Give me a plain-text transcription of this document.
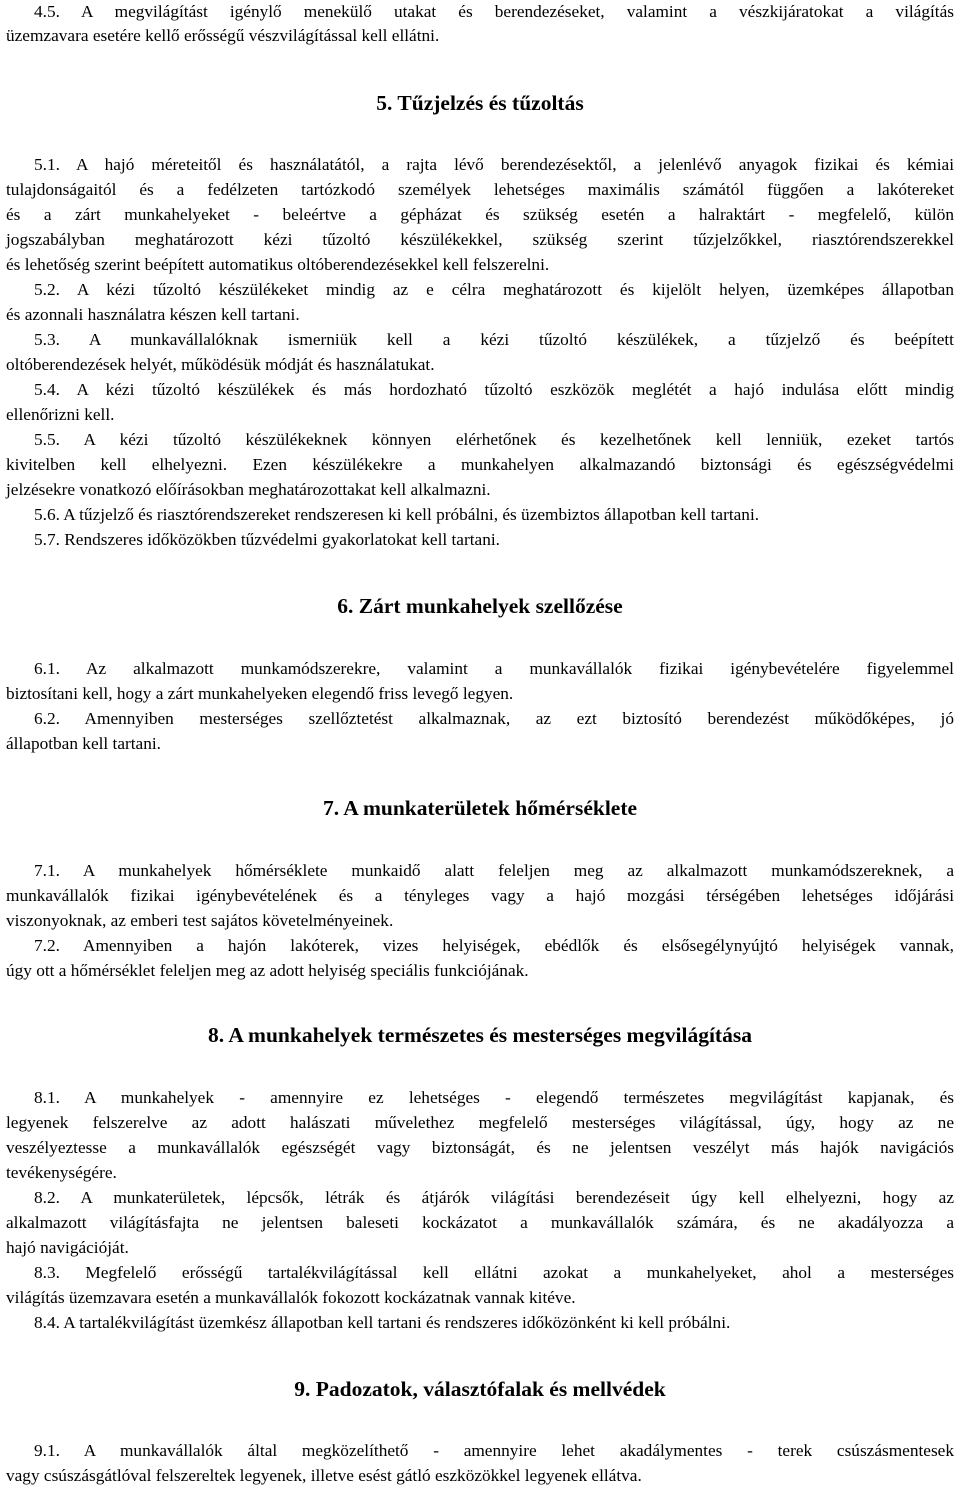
4.5. A megvilágítást igénylő menekülő utakat és berendezéseket, valamint a vészkijáratokat a világítás
üzemzavara esetére kellő erősségű vészvilágítással kell ellátni.
5. Tűzjelzés és tűzoltás
5.1. A hajó méreteitől és használatától, a rajta lévő berendezésektől, a jelenlévő anyagok fizikai és kémiai
tulajdonságaitól és a fedélzeten tartózkodó személyek lehetséges maximális számától függően a lakótereket
és a zárt munkahelyeket - beleértve a gépházat és szükség esetén a halraktárt - megfelelő, külön
jogszabályban meghatározott kézi tűzoltó készülékekkel, szükség szerint tűzjelzőkkel, riasztórendszerekkel
és lehetőség szerint beépített automatikus oltóberendezésekkel kell felszerelni.
5.2. A kézi tűzoltó készülékeket mindig az e célra meghatározott és kijelölt helyen, üzemképes állapotban
és azonnali használatra készen kell tartani.
5.3. A munkavállalóknak ismerniük kell a kézi tűzoltó készülékek, a tűzjelző és beépített
oltóberendezések helyét, működésük módját és használatukat.
5.4. A kézi tűzoltó készülékek és más hordozható tűzoltó eszközök meglétét a hajó indulása előtt mindig
ellenőrizni kell.
5.5. A kézi tűzoltó készülékeknek könnyen elérhetőnek és kezelhetőnek kell lenniük, ezeket tartós
kivitelben kell elhelyezni. Ezen készülékekre a munkahelyen alkalmazandó biztonsági és egészségvédelmi
jelzésekre vonatkozó előírásokban meghatározottakat kell alkalmazni.
5.6. A tűzjelző és riasztórendszereket rendszeresen ki kell próbálni, és üzembiztos állapotban kell tartani.
5.7. Rendszeres időközökben tűzvédelmi gyakorlatokat kell tartani.
6. Zárt munkahelyek szellőzése
6.1. Az alkalmazott munkamódszerekre, valamint a munkavállalók fizikai igénybevételére figyelemmel
biztosítani kell, hogy a zárt munkahelyeken elegendő friss levegő legyen.
6.2. Amennyiben mesterséges szellőztetést alkalmaznak, az ezt biztosító berendezést működőképes, jó
állapotban kell tartani.
7. A munkaterületek hőmérséklete
7.1. A munkahelyek hőmérséklete munkaidő alatt feleljen meg az alkalmazott munkamódszereknek, a
munkavállalók fizikai igénybevételének és a tényleges vagy a hajó mozgási térségében lehetséges időjárási
viszonyoknak, az emberi test sajátos követelményeinek.
7.2. Amennyiben a hajón lakóterek, vizes helyiségek, ebédlők és elsősegélynyújtó helyiségek vannak,
úgy ott a hőmérséklet feleljen meg az adott helyiség speciális funkciójának.
8. A munkahelyek természetes és mesterséges megvilágítása
8.1. A munkahelyek - amennyire ez lehetséges - elegendő természetes megvilágítást kapjanak, és
legyenek felszerelve az adott halászati művelethez megfelelő mesterséges világítással, úgy, hogy az ne
veszélyeztesse a munkavállalók egészségét vagy biztonságát, és ne jelentsen veszélyt más hajók navigációs
tevékenységére.
8.2. A munkaterületek, lépcsők, létrák és átjárók világítási berendezéseit úgy kell elhelyezni, hogy az
alkalmazott világításfajta ne jelentsen baleseti kockázatot a munkavállalók számára, és ne akadályozza a
hajó navigációját.
8.3. Megfelelő erősségű tartalékvilágítással kell ellátni azokat a munkahelyeket, ahol a mesterséges
világítás üzemzavara esetén a munkavállalók fokozott kockázatnak vannak kitéve.
8.4. A tartalékvilágítást üzemkész állapotban kell tartani és rendszeres időközönként ki kell próbálni.
9. Padozatok, választófalak és mellvédek
9.1. A munkavállalók által megközelíthető - amennyire lehet akadálymentes - terek csúszásmentesek
vagy csúszásgátlóval felszereltek legyenek, illetve esést gátló eszközökkel legyenek ellátva.
